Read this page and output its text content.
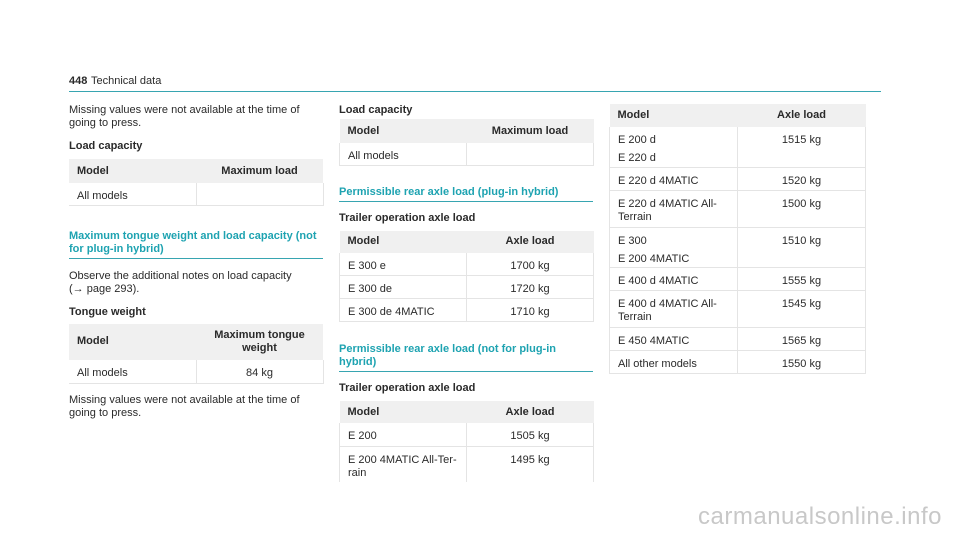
448 Technical data

Missing values were not available at the time of going to press.

Load capacity

Model	Maximum load
All models	

Maximum tongue weight and load capacity (not for plug-in hybrid)

Observe the additional notes on load capacity

(→ page 293).

Tongue weight

Model	Maximum tongue weight
All models	84 kg

Missing values were not available at the time of going to press.

Load capacity

Model	Maximum load
All models	

Permissible rear axle load (plug-in hybrid)

Trailer operation axle load

Model	Axle load
E 300 e	1700 kg
E 300 de	1720 kg
E 300 de 4MATIC	1710 kg

Permissible rear axle load (not for plug-in hybrid)

Trailer operation axle load

Model	Axle load
E 200	1505 kg

E 200 4MATIC All-Ter-
rain	1495 kg
Model	Axle load

E 200 d
E 220 d	1515 kg
E 220 d 4MATIC	1520 kg

E 220 d 4MATIC All-
Terrain	1500 kg

E 300
E 200 4MATIC	1510 kg
E 400 d 4MATIC	1555 kg

E 400 d 4MATIC All-
Terrain	1545 kg
E 450 4MATIC	1565 kg
All other models	1550 kg
carmanualsonline.info
